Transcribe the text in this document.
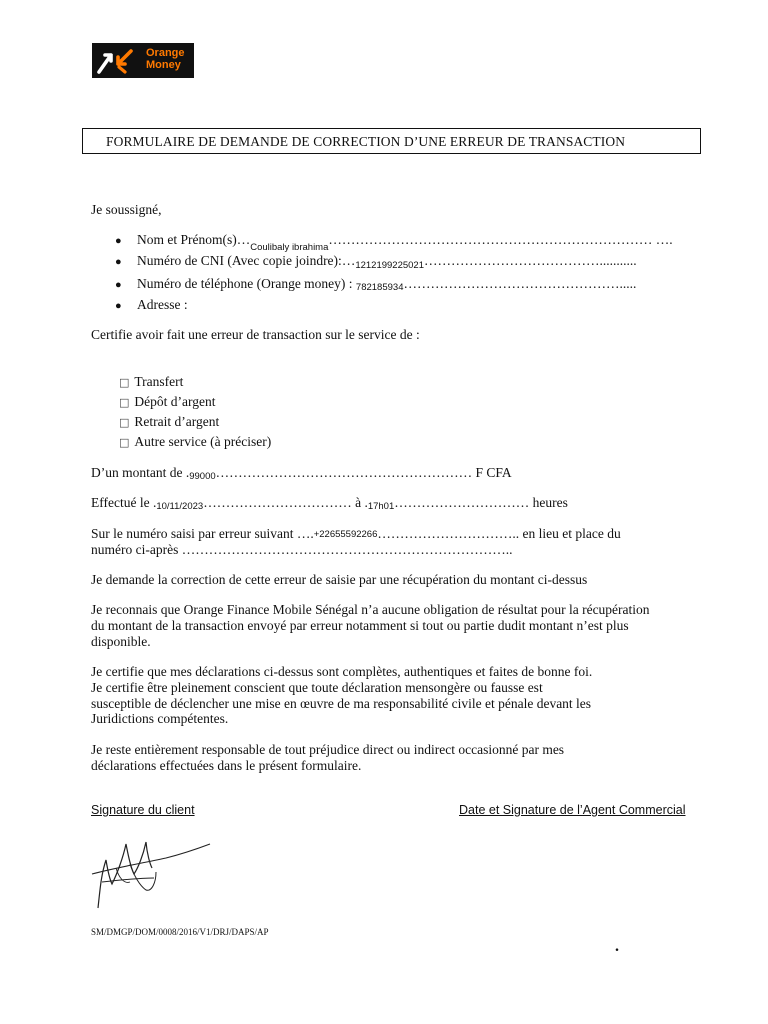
Orange
Money
FORMULAIRE DE DEMANDE DE CORRECTION D’UNE ERREUR DE TRANSACTION
Je soussigné,
● Nom et $Prénom(s)\dots_{Coulibaly ibrahima}\dots\dots\dots\dots\dots\dots\dots\dots\dots\dots\dots\dots\dots\dots\dots\dots\dots\dots\dots\dots\dots\dots\dots\dots$ ….
● Numéro de CNI (Avec copie $joindre):\dots_{1212199225021}\dots\dots\dots\dots\dots\dots\dots\dots\dots\dots\dots\dots\dots$...........
● Numéro de téléphone (Orange money) : 782185934………………………………………….....
● Adresse :
Certifie avoir fait une erreur de transaction sur le service de :
□ Transfert
□ Dépôt d’argent
□ Retrait d’argent
□ Autre service (à préciser)
D’un montant de .99000………………………………………………… F CFA
Effectué le .10/11/2023…………………………… à .17h01………………………… heures
Sur le numéro saisi par erreur suivant ….+22655592266………………………….. en lieu et place du
numéro ci-après ………………………………………………………………..
Je demande la correction de cette erreur de saisie par une récupération du montant ci-dessus
Je reconnais que Orange Finance Mobile Sénégal n’a aucune obligation de résultat pour la récupération
du montant de la transaction envoyé par erreur notamment si tout ou partie dudit montant n’est plus
disponible.
Je certifie que mes déclarations ci-dessus sont complètes, authentiques et faites de bonne foi.
Je certifie être pleinement conscient que toute déclaration mensongère ou fausse est
susceptible de déclencher une mise en œuvre de ma responsabilité civile et pénale devant les
Juridictions compétentes.
Je reste entièrement responsable de tout préjudice direct ou indirect occasionné par mes
déclarations effectuées dans le présent formulaire.
Signature du client	Date et Signature de l’Agent Commercial
SM/DMGP/DOM/0008/2016/V1/DRJ/DAPS/AP
.
